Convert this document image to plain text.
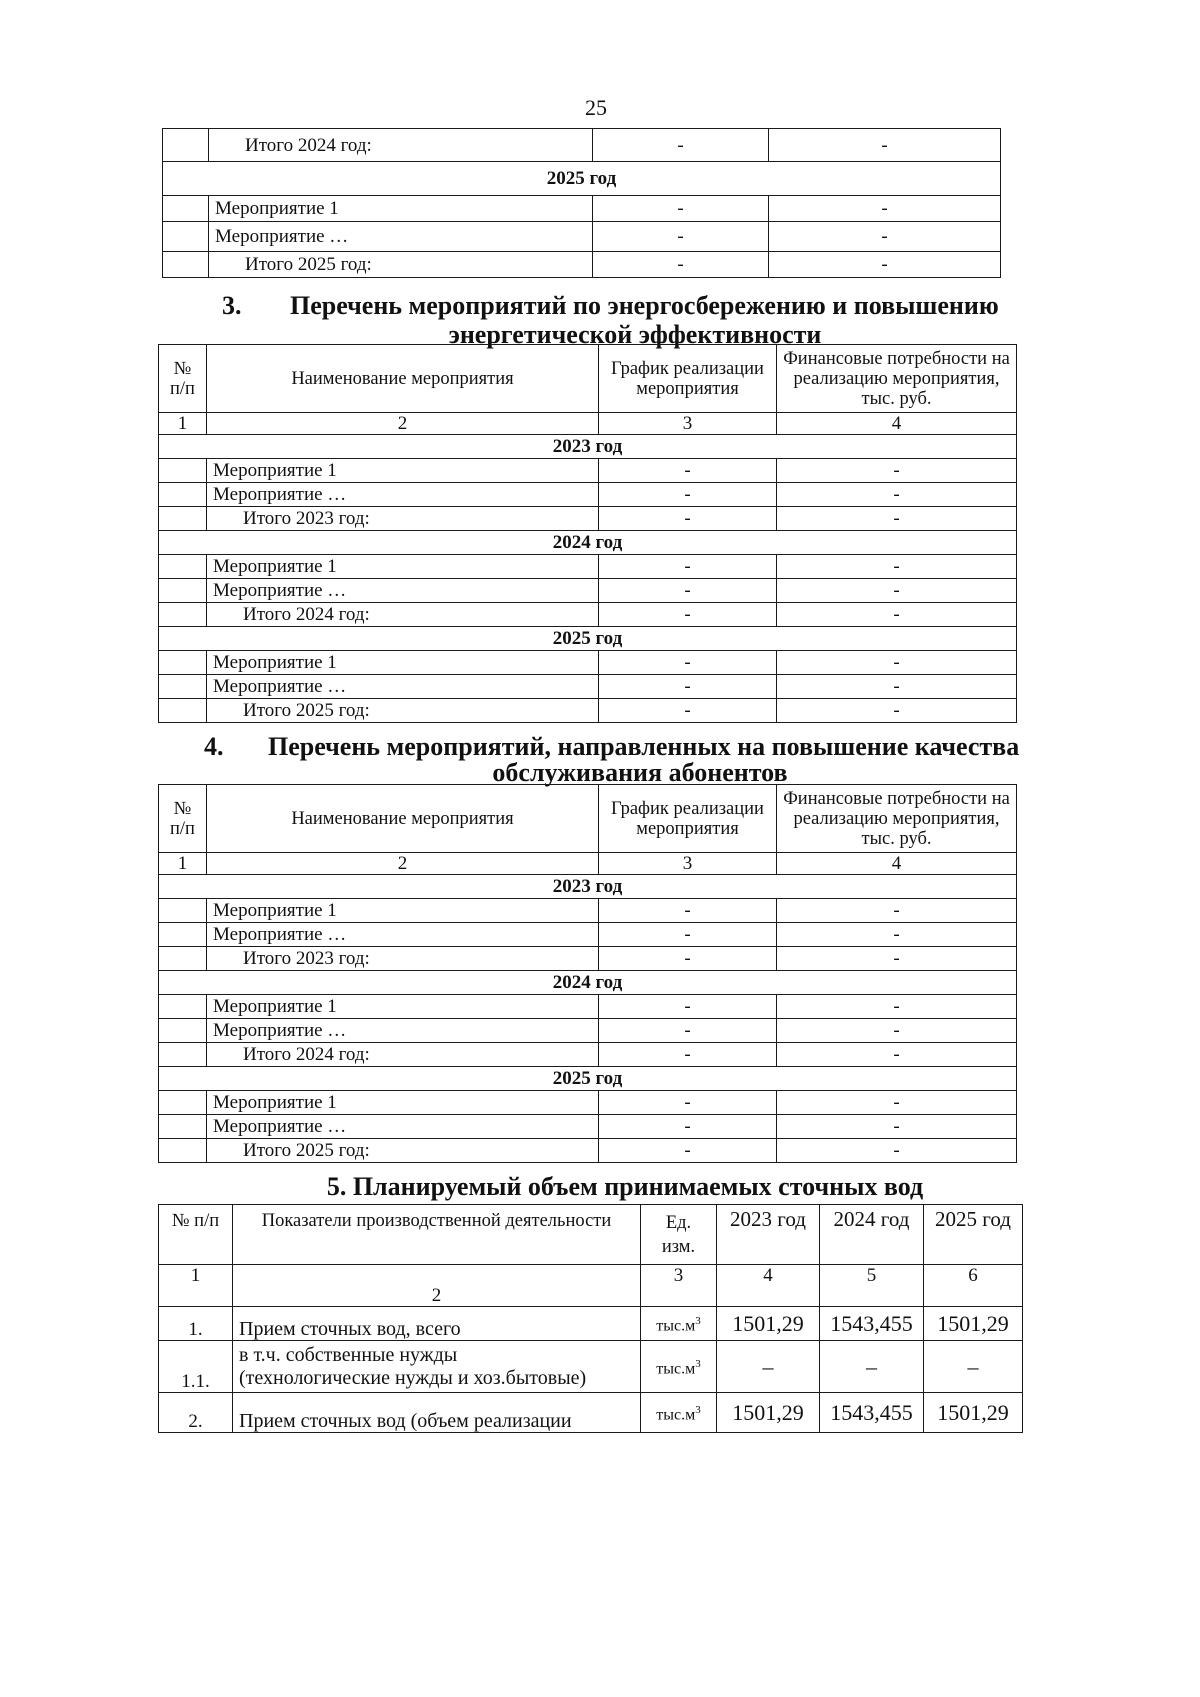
25
	Итого 2024 год:	-	-
2025 год			
	Мероприятие 1	-	-
	Мероприятие …	-	-
	Итого 2025 год:	-	-
3. Перечень мероприятий по энергосбережению и повышению
энергетической эффективности
№ п/п	Наименование мероприятия	График реализации мероприятия	Финансовые потребности на реализацию мероприятия, тыс. руб.
1	2	3	4
2023 год			
	Мероприятие 1	-	-
	Мероприятие …	-	-
	Итого 2023 год:	-	-
2024 год			
	Мероприятие 1	-	-
	Мероприятие …	-	-
	Итого 2024 год:	-	-
2025 год			
	Мероприятие 1	-	-
	Мероприятие …	-	-
	Итого 2025 год:	-	-
4. Перечень мероприятий, направленных на повышение качества
обслуживания абонентов
№ п/п	Наименование мероприятия	График реализации мероприятия	Финансовые потребности на реализацию мероприятия, тыс. руб.
1	2	3	4
2023 год			
	Мероприятие 1	-	-
	Мероприятие …	-	-
	Итого 2023 год:	-	-
2024 год			
	Мероприятие 1	-	-
	Мероприятие …	-	-
	Итого 2024 год:	-	-
2025 год			
	Мероприятие 1	-	-
	Мероприятие …	-	-
	Итого 2025 год:	-	-
5. Планируемый объем принимаемых сточных вод
№ п/п	Показатели производственной деятельности	Ед. изм.	2023 год	2024 год	2025 год
1	2	3	4	5	6
1.	Прием сточных вод, всего	$тыс.м^3$	1501,29	1543,455	1501,29
1.1.	в т.ч. собственные нужды
(технологические нужды и хоз.бытовые)	$тыс.м^3$	–	–	–
2.	Прием сточных вод (объем реализации	$тыс.м^3$	1501,29	1543,455	1501,29
